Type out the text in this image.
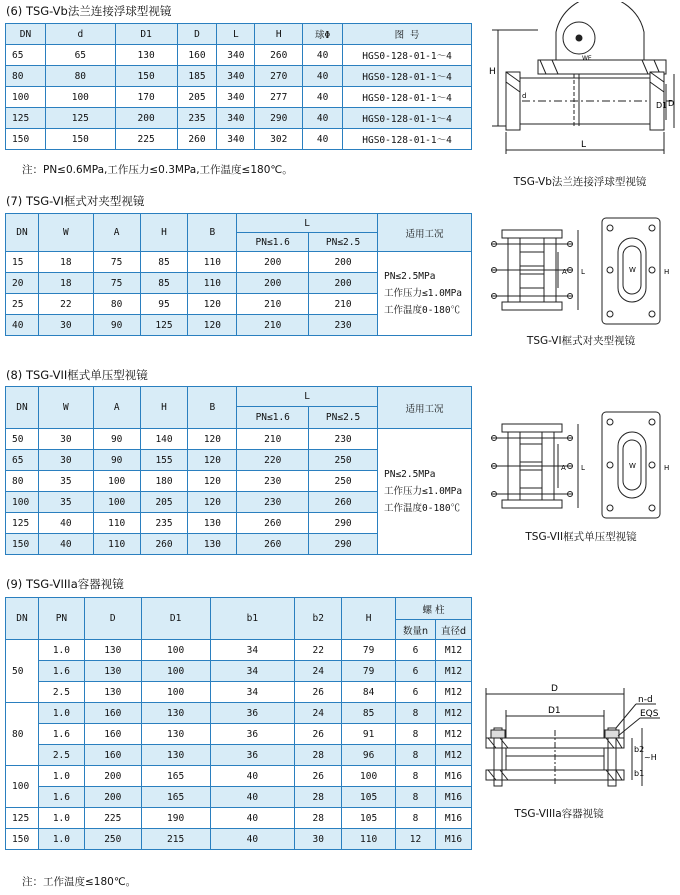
(6) TSG-Vb法兰连接浮球型视镜
DN	d	D1	D	L	H	球Φ	图 号
65	65	130	160	340	260	40	HGS0-128-01-1～4
80	80	150	185	340	270	40	HGS0-128-01-1～4
100	100	170	205	340	277	40	HGS0-128-01-1～4
125	125	200	235	340	290	40	HGS0-128-01-1～4
150	150	225	260	340	302	40	HGS0-128-01-1～4
注：PN≤0.6MPa,工作压力≤0.3MPa,工作温度≤180℃。
H
WE
D1 D
L
d
TSG-Vb法兰连接浮球型视镜
(7) TSG-VI框式对夹型视镜
DN	W	A	H	B	L		适用工况
					PN≤1.6	PN≤2.5	
15	18	75	85	110	200	200	PN≤2.5MPa
工作压力≤1.0MPa
工作温度0-180℃

20	18	75	85	110	200	200	
25	22	80	95	120	210	210	
40	30	90	125	120	210	230	
A L	W	H
TSG-VI框式对夹型视镜
(8) TSG-VII框式单压型视镜
DN	W	A	H	B	L		适用工况
					PN≤1.6	PN≤2.5	
50	30	90	140	120	210	230	PN≤2.5MPa
工作压力≤1.0MPa
工作温度0-180℃

65	30	90	155	120	220	250	
80	35	100	180	120	230	250	
100	35	100	205	120	230	260	
125	40	110	235	130	260	290	
150	40	110	260	130	260	290	
A L	W	H
TSG-VII框式单压型视镜
(9) TSG-VIIIa容器视镜
DN	PN	D	D1	b1	b2	H	螺 柱	
							数量n	直径d
50	1.0	130	100	34	22	79	6	M12
	1.6	130	100	34	24	79	6	M12
	2.5	130	100	34	26	84	6	M12
80	1.0	160	130	36	24	85	8	M12
	1.6	160	130	36	26	91	8	M12
	2.5	160	130	36	28	96	8	M12
100	1.0	200	165	40	26	100	8	M16
	1.6	200	165	40	28	105	8	M16
125	1.0	225	190	40	28	105	8	M16
150	1.0	250	215	40	30	110	12	M16
注：工作温度≤180℃。
D
D1
n-d
EQS
b2
b1
~H
TSG-VIIIa容器视镜
